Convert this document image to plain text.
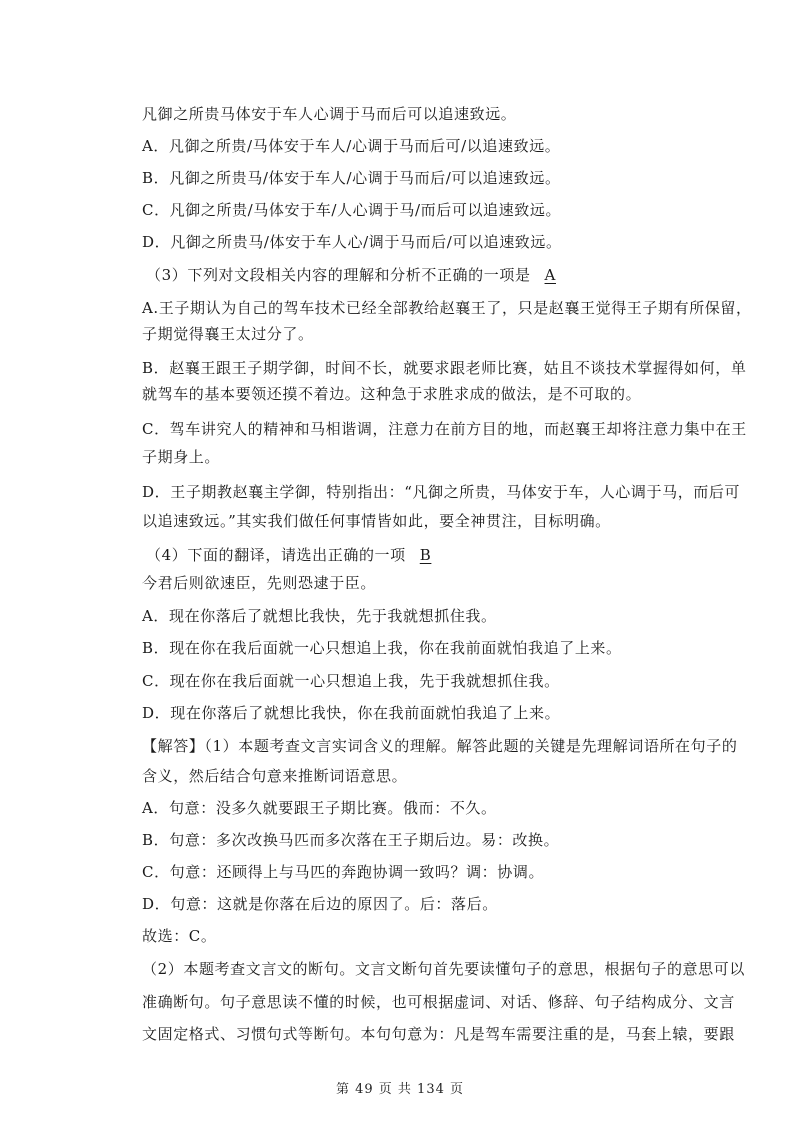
凡御之所贵马体安于车人心调于马而后可以追速致远。
A．凡御之所贵/马体安于车人/心调于马而后可/以追速致远。
B．凡御之所贵马/体安于车人/心调于马而后/可以追速致远。
C．凡御之所贵/马体安于车/人心调于马/而后可以追速致远。
D．凡御之所贵马/体安于车人心/调于马而后/可以追速致远。
（3）下列对文段相关内容的理解和分析不正确的一项是 A
A.王子期认为自己的驾车技术已经全部教给赵襄王了，只是赵襄王觉得王子期有所保留，
子期觉得襄王太过分了。
B．赵襄王跟王子期学御，时间不长，就要求跟老师比赛，姑且不谈技术掌握得如何，单
就驾车的基本要领还摸不着边。这种急于求胜求成的做法，是不可取的。
C．驾车讲究人的精神和马相谐调，注意力在前方目的地，而赵襄王却将注意力集中在王
子期身上。
D．王子期教赵襄主学御，特别指出：“凡御之所贵，马体安于车，人心调于马，而后可
以追速致远。”其实我们做任何事情皆如此，要全神贯注，目标明确。
（4）下面的翻译，请选出正确的一项 B
今君后则欲速臣，先则恐逮于臣。
A．现在你落后了就想比我快，先于我就想抓住我。
B．现在你在我后面就一心只想追上我，你在我前面就怕我追了上来。
C．现在你在我后面就一心只想追上我，先于我就想抓住我。
D．现在你落后了就想比我快，你在我前面就怕我追了上来。
【解答】（1）本题考查文言实词含义的理解。解答此题的关键是先理解词语所在句子的
含义，然后结合句意来推断词语意思。
A．句意：没多久就要跟王子期比赛。俄而：不久。
B．句意：多次改换马匹而多次落在王子期后边。易：改换。
C．句意：还顾得上与马匹的奔跑协调一致吗？调：协调。
D．句意：这就是你落在后边的原因了。后：落后。
故选：C。
（2）本题考查文言文的断句。文言文断句首先要读懂句子的意思，根据句子的意思可以
准确断句。句子意思读不懂的时候，也可根据虚词、对话、修辞、句子结构成分、文言
文固定格式、习惯句式等断句。本句句意为：凡是驾车需要注重的是，马套上辕，要跟
第 49 页 共 134 页
